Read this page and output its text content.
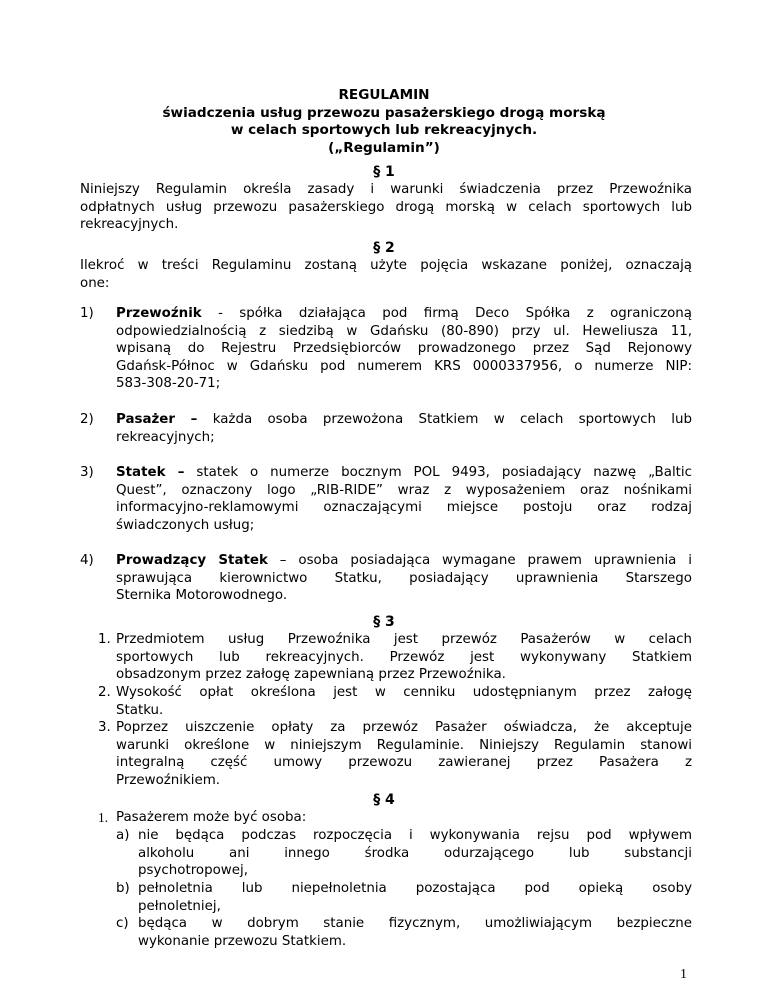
REGULAMIN
świadczenia usług przewozu pasażerskiego drogą morską
w celach sportowych lub rekreacyjnych.
(„Regulamin”)
§ 1
Niniejszy Regulamin określa zasady i warunki świadczenia przez Przewoźnika
odpłatnych usług przewozu pasażerskiego drogą morską w celach sportowych lub
rekreacyjnych.
§ 2
Ilekroć w treści Regulaminu zostaną użyte pojęcia wskazane poniżej, oznaczają
one:
1) Przewoźnik - spółka działająca pod firmą Deco Spółka z ograniczoną
odpowiedzialnością z siedzibą w Gdańsku (80-890) przy ul. Heweliusza 11,
wpisaną do Rejestru Przedsiębiorców prowadzonego przez Sąd Rejonowy
Gdańsk-Północ w Gdańsku pod numerem KRS 0000337956, o numerze NIP:
583-308-20-71;
2) Pasażer – każda osoba przewożona Statkiem w celach sportowych lub
rekreacyjnych;
3) Statek – statek o numerze bocznym POL 9493, posiadający nazwę „Baltic
Quest”, oznaczony logo „RIB-RIDE” wraz z wyposażeniem oraz nośnikami
informacyjno-reklamowymi oznaczającymi miejsce postoju oraz rodzaj
świadczonych usług;
4) Prowadzący Statek – osoba posiadająca wymagane prawem uprawnienia i
sprawująca kierownictwo Statku, posiadający uprawnienia Starszego
Sternika Motorowodnego.
§ 3
1. Przedmiotem usług Przewoźnika jest przewóz Pasażerów w celach
sportowych lub rekreacyjnych. Przewóz jest wykonywany Statkiem
obsadzonym przez załogę zapewnianą przez Przewoźnika.
2. Wysokość opłat określona jest w cenniku udostępnianym przez załogę
Statku.
3. Poprzez uiszczenie opłaty za przewóz Pasażer oświadcza, że akceptuje
warunki określone w niniejszym Regulaminie. Niniejszy Regulamin stanowi
integralną część umowy przewozu zawieranej przez Pasażera z
Przewoźnikiem.
§ 4
1. Pasażerem może być osoba:
a) nie będąca podczas rozpoczęcia i wykonywania rejsu pod wpływem
alkoholu ani innego środka odurzającego lub substancji
psychotropowej,
b) pełnoletnia lub niepełnoletnia pozostająca pod opieką osoby
pełnoletniej,
c) będąca w dobrym stanie fizycznym, umożliwiającym bezpieczne
wykonanie przewozu Statkiem.
1
